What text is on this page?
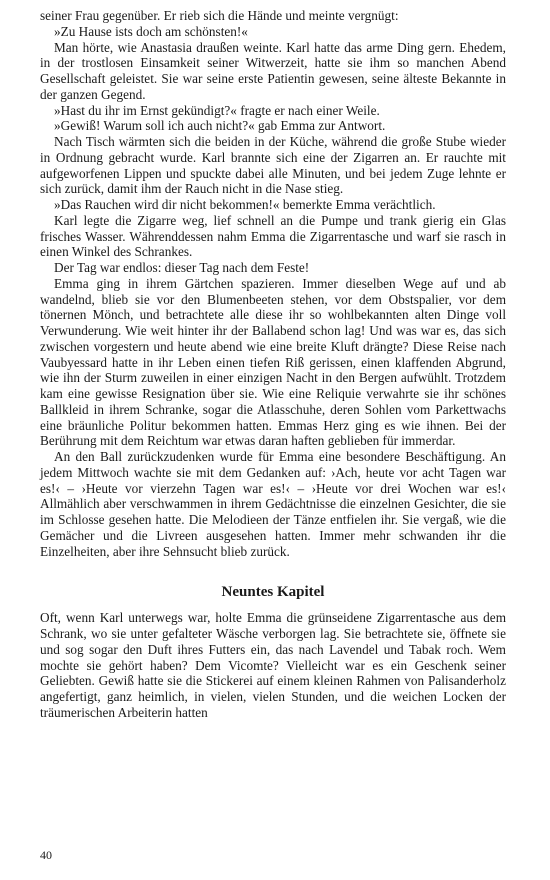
seiner Frau gegenüber. Er rieb sich die Hände und meinte vergnügt:

»Zu Hause ists doch am schönsten!«

Man hörte, wie Anastasia draußen weinte. Karl hatte das arme Ding gern. Ehedem, in der trostlosen Einsamkeit seiner Witwerzeit, hatte sie ihm so manchen Abend Gesellschaft geleistet. Sie war seine erste Patientin gewesen, seine älteste Bekannte in der ganzen Gegend.

»Hast du ihr im Ernst gekündigt?« fragte er nach einer Weile.

»Gewiß! Warum soll ich auch nicht?« gab Emma zur Antwort.

Nach Tisch wärmten sich die beiden in der Küche, während die große Stube wieder in Ordnung gebracht wurde. Karl brannte sich eine der Zigarren an. Er rauchte mit aufgeworfenen Lippen und spuckte dabei alle Minuten, und bei jedem Zuge lehnte er sich zurück, damit ihm der Rauch nicht in die Nase stieg.

»Das Rauchen wird dir nicht bekommen!« bemerkte Emma verächtlich.

Karl legte die Zigarre weg, lief schnell an die Pumpe und trank gierig ein Glas frisches Wasser. Währenddessen nahm Emma die Zigarrentasche und warf sie rasch in einen Winkel des Schrankes.

Der Tag war endlos: dieser Tag nach dem Feste!

Emma ging in ihrem Gärtchen spazieren. Immer dieselben Wege auf und ab wandelnd, blieb sie vor den Blumenbeeten stehen, vor dem Obstspalier, vor dem tönernen Mönch, und betrachtete alle diese ihr so wohlbekannten alten Dinge voll Verwunderung. Wie weit hinter ihr der Ballabend schon lag! Und was war es, das sich zwischen vorgestern und heute abend wie eine breite Kluft drängte? Diese Reise nach Vaubyessard hatte in ihr Leben einen tiefen Riß gerissen, einen klaffenden Abgrund, wie ihn der Sturm zuweilen in einer einzigen Nacht in den Bergen aufwühlt. Trotzdem kam eine gewisse Resignation über sie. Wie eine Reliquie verwahrte sie ihr schönes Ballkleid in ihrem Schranke, sogar die Atlasschuhe, deren Sohlen vom Parkettwachs eine bräunliche Politur bekommen hatten. Emmas Herz ging es wie ihnen. Bei der Berührung mit dem Reichtum war etwas daran haften geblieben für immerdar.

An den Ball zurückzudenken wurde für Emma eine besondere Beschäftigung. An jedem Mittwoch wachte sie mit dem Gedanken auf: ›Ach, heute vor acht Tagen war es!‹ – ›Heute vor vierzehn Tagen war es!‹ – ›Heute vor drei Wochen war es!‹ Allmählich aber verschwammen in ihrem Gedächtnisse die einzelnen Gesichter, die sie im Schlosse gesehen hatte. Die Melodieen der Tänze entfielen ihr. Sie vergaß, wie die Gemächer und die Livreen ausgesehen hatten. Immer mehr schwanden ihr die Einzelheiten, aber ihre Sehnsucht blieb zurück.

Neuntes Kapitel

Oft, wenn Karl unterwegs war, holte Emma die grünseidene Zigarrentasche aus dem Schrank, wo sie unter gefalteter Wäsche verborgen lag. Sie betrachtete sie, öffnete sie und sog sogar den Duft ihres Futters ein, das nach Lavendel und Tabak roch. Wem mochte sie gehört haben? Dem Vicomte? Vielleicht war es ein Geschenk seiner Geliebten. Gewiß hatte sie die Stickerei auf einem kleinen Rahmen von Palisanderholz angefertigt, ganz heimlich, in vielen, vielen Stunden, und die weichen Locken der träumerischen Arbeiterin hatten

40
